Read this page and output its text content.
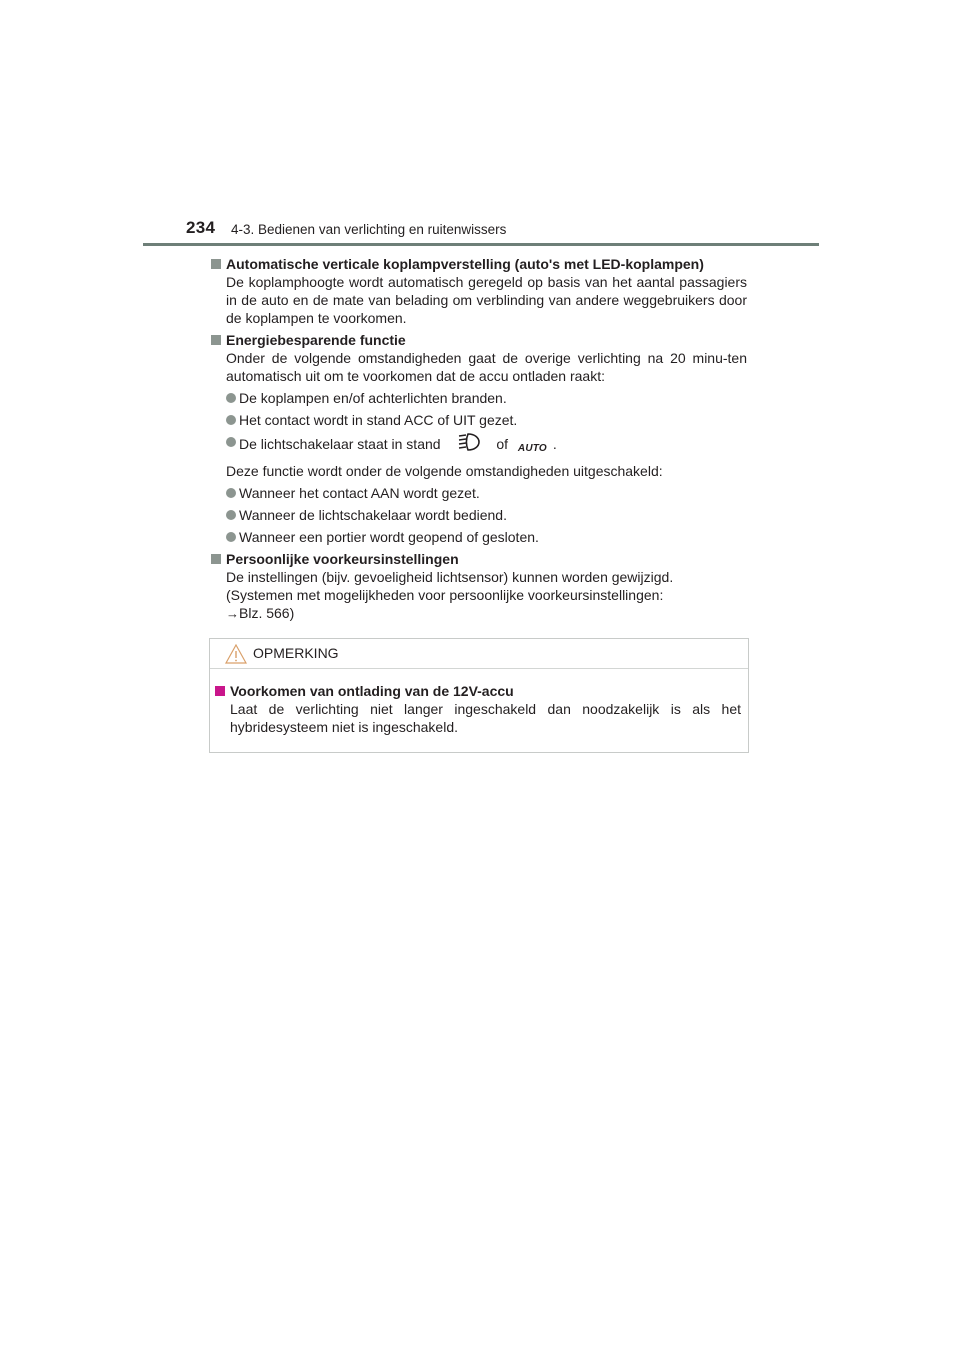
234 4-3. Bedienen van verlichting en ruitenwissers
Automatische verticale koplampverstelling (auto's met LED-koplampen)
De koplamphoogte wordt automatisch geregeld op basis van het aantal passagiers in de auto en de mate van belading om verblinding van andere weggebruikers door de koplampen te voorkomen.
Energiebesparende functie
Onder de volgende omstandigheden gaat de overige verlichting na 20 minu-ten automatisch uit om te voorkomen dat de accu ontladen raakt:
De koplampen en/of achterlichten branden.
Het contact wordt in stand ACC of UIT gezet.
De lichtschakelaar staat in stand	of AUTO .
Deze functie wordt onder de volgende omstandigheden uitgeschakeld:
Wanneer het contact AAN wordt gezet.
Wanneer de lichtschakelaar wordt bediend.
Wanneer een portier wordt geopend of gesloten.
Persoonlijke voorkeursinstellingen
De instellingen (bijv. gevoeligheid lichtsensor) kunnen worden gewijzigd.
(Systemen met mogelijkheden voor persoonlijke voorkeursinstellingen:
→Blz. 566)
OPMERKING
Voorkomen van ontlading van de 12V-accu
Laat de verlichting niet langer ingeschakeld dan noodzakelijk is als het hybridesysteem niet is ingeschakeld.
